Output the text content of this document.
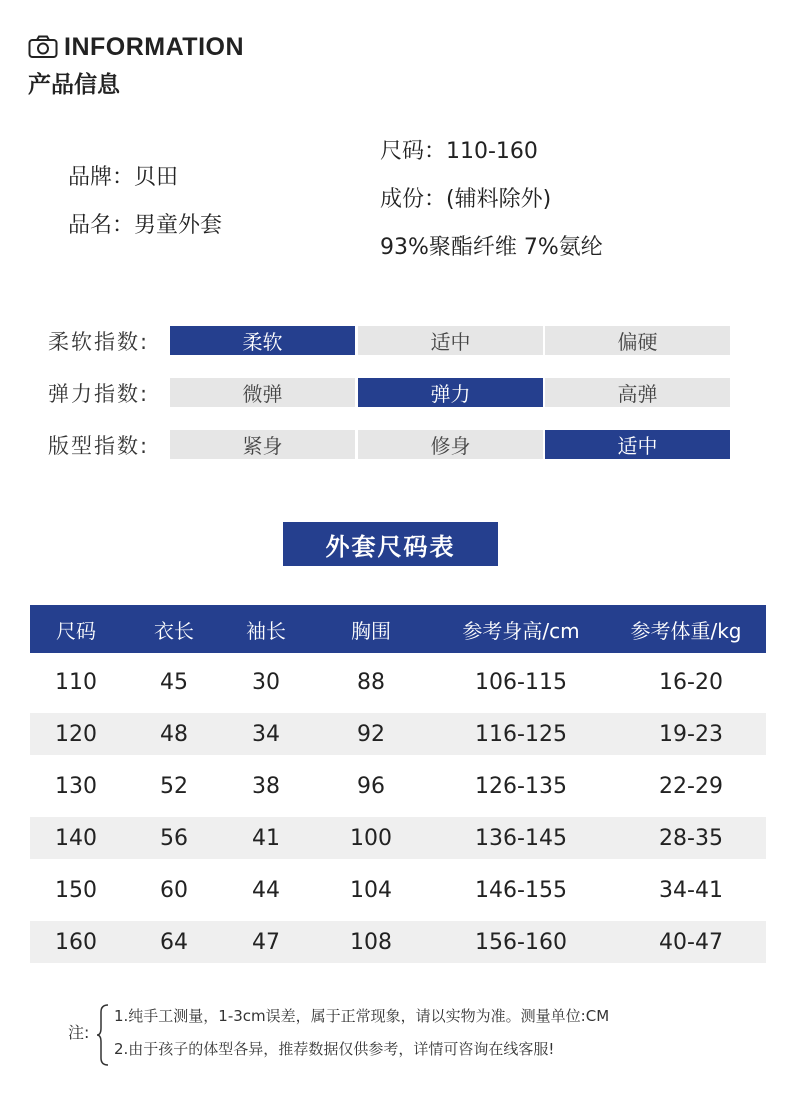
INFORMATION
产品信息
品牌：贝田
品名：男童外套
尺码：110-160
成份：(辅料除外)
93%聚酯纤维 7%氨纶
柔软指数:	柔软	适中	偏硬
弹力指数:	微弹	弹力	高弹
版型指数:	紧身	修身	适中
外套尺码表
尺码	衣长	袖长	胸围	参考身高/cm	参考体重/kg
110	45	30	88	106-115	16-20
120	48	34	92	116-125	19-23
130	52	38	96	126-135	22-29
140	56	41	100	136-145	28-35
150	60	44	104	146-155	34-41
160	64	47	108	156-160	40-47
注:
1.纯手工测量，1-3cm误差，属于正常现象，请以实物为准。测量单位:CM
2.由于孩子的体型各异，推荐数据仅供参考，详情可咨询在线客服!
